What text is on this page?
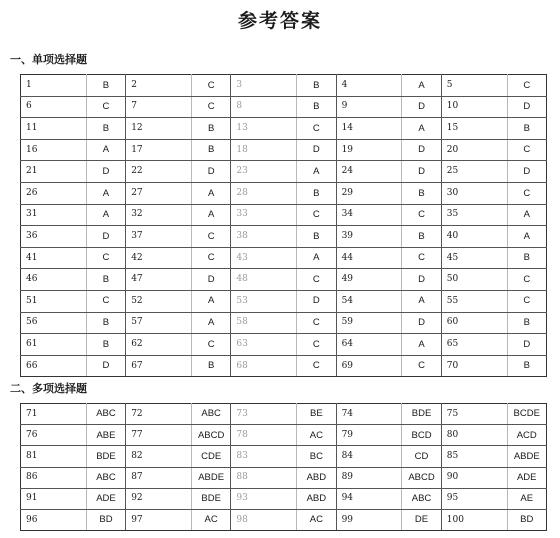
参考答案
一、单项选择题
1	B	2	C	3	B	4	A	5	C
6	C	7	C	8	B	9	D	10	D
11	B	12	B	13	C	14	A	15	B
16	A	17	B	18	D	19	D	20	C
21	D	22	D	23	A	24	D	25	D
26	A	27	A	28	B	29	B	30	C
31	A	32	A	33	C	34	C	35	A
36	D	37	C	38	B	39	B	40	A
41	C	42	C	43	A	44	C	45	B
46	B	47	D	48	C	49	D	50	C
51	C	52	A	53	D	54	A	55	C
56	B	57	A	58	C	59	D	60	B
61	B	62	C	63	C	64	A	65	D
66	D	67	B	68	C	69	C	70	B
二、多项选择题
71	ABC	72	ABC	73	BE	74	BDE	75	BCDE
76	ABE	77	ABCD	78	AC	79	BCD	80	ACD
81	BDE	82	CDE	83	BC	84	CD	85	ABDE
86	ABC	87	ABDE	88	ABD	89	ABCD	90	ADE
91	ADE	92	BDE	93	ABD	94	ABC	95	AE
96	BD	97	AC	98	AC	99	DE	100	BD
